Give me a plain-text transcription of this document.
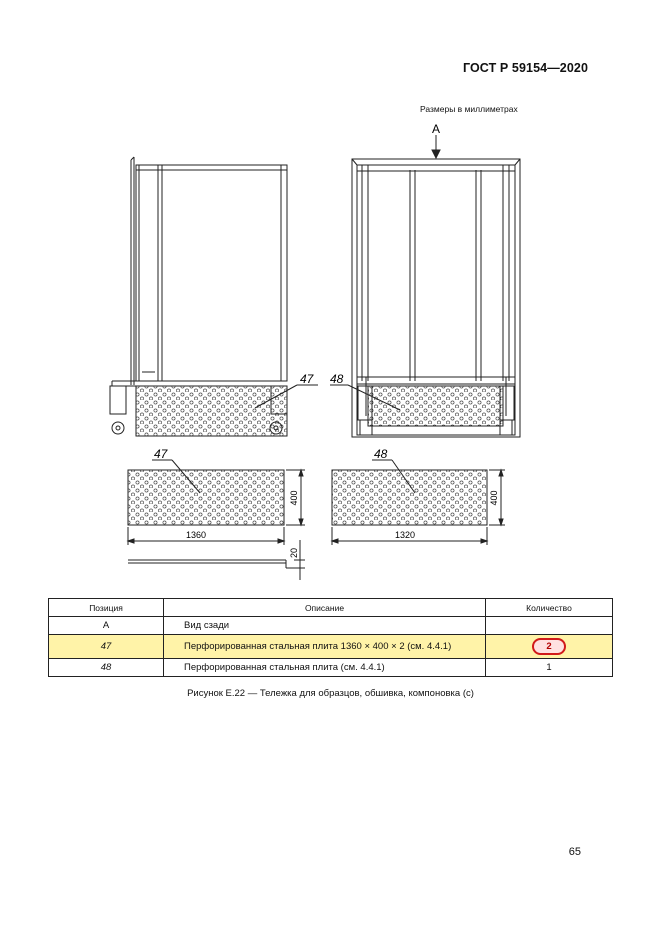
ГОСТ Р 59154—2020
Размеры в миллиметрах
47 48
A
47
1360
400
20
48
1320
400
Позиция	Описание	Количество
A	Вид сзади	
47	Перфорированная стальная плита 1360 × 400 × 2 (см. 4.4.1)	2
48	Перфорированная стальная плита (см. 4.4.1)	1
Рисунок Е.22 — Тележка для образцов, обшивка, компоновка (с)
65
